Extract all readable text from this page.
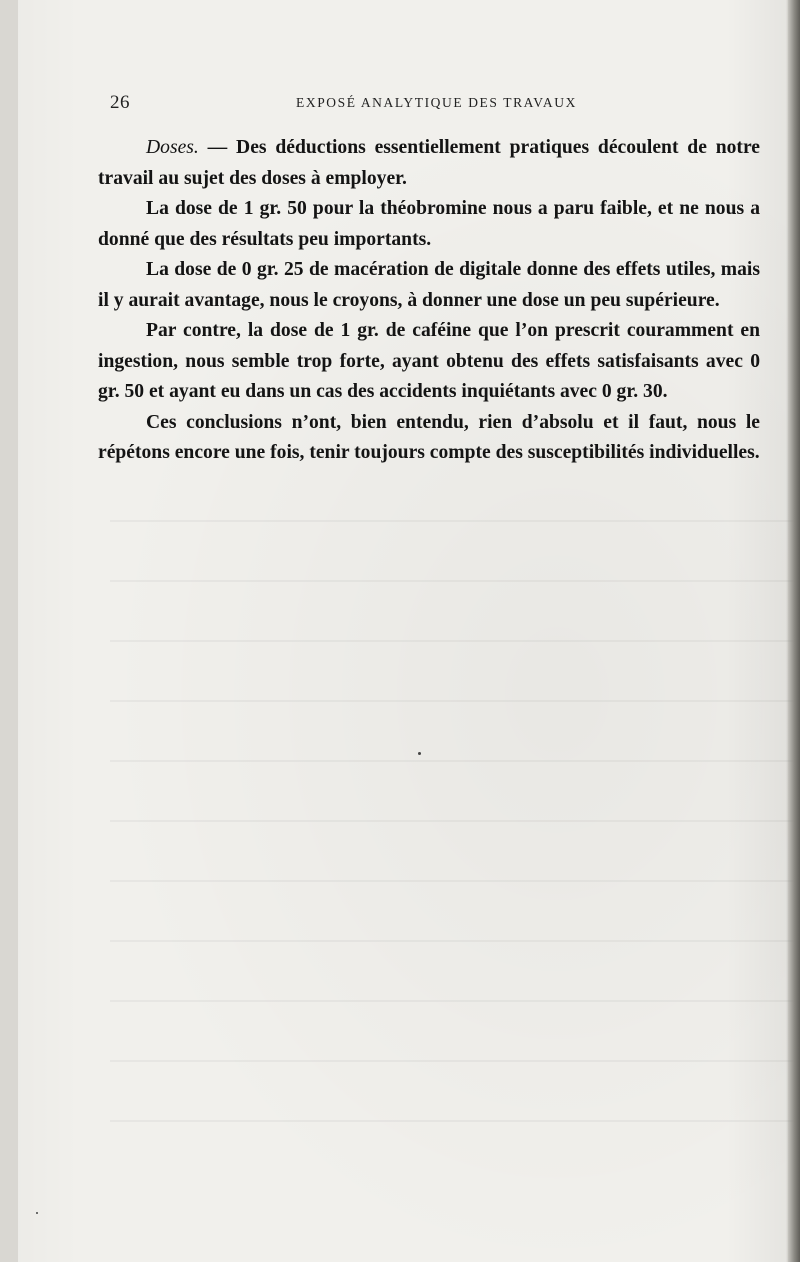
26	EXPOSÉ ANALYTIQUE DES TRAVAUX

Doses. — Des déductions essentiellement pratiques découlent de notre travail au sujet des doses à employer.

La dose de 1 gr. 50 pour la théobromine nous a paru faible, et ne nous a donné que des résultats peu importants.

La dose de 0 gr. 25 de macération de digitale donne des effets utiles, mais il y aurait avantage, nous le croyons, à donner une dose un peu supérieure.

Par contre, la dose de 1 gr. de caféine que l’on prescrit couramment en ingestion, nous semble trop forte, ayant obtenu des effets satisfaisants avec 0 gr. 50 et ayant eu dans un cas des accidents inquiétants avec 0 gr. 30.

Ces conclusions n’ont, bien entendu, rien d’absolu et il faut, nous le répétons encore une fois, tenir toujours compte des susceptibilités individuelles.
